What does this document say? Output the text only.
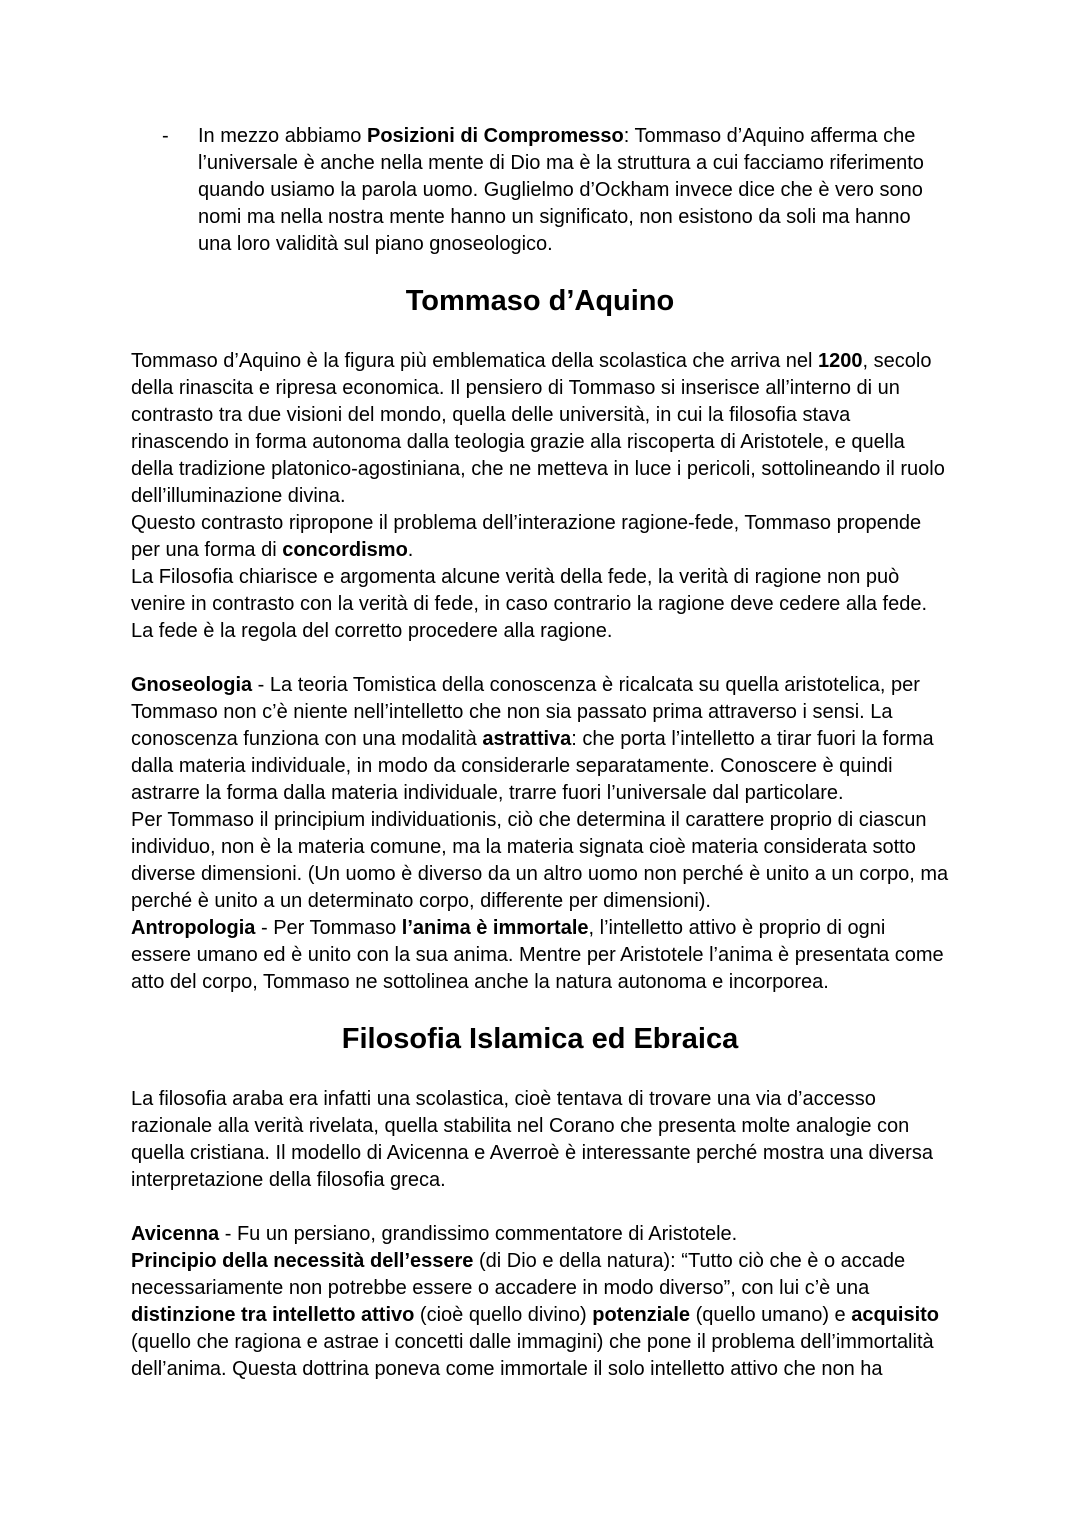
- In mezzo abbiamo Posizioni di Compromesso: Tommaso d’Aquino afferma che l’universale è anche nella mente di Dio ma è la struttura a cui facciamo riferimento quando usiamo la parola uomo. Guglielmo d’Ockham invece dice che è vero sono nomi ma nella nostra mente hanno un significato, non esistono da soli ma hanno una loro validità sul piano gnoseologico.

Tommaso d’Aquino

Tommaso d’Aquino è la figura più emblematica della scolastica che arriva nel 1200, secolo della rinascita e ripresa economica. Il pensiero di Tommaso si inserisce all’interno di un contrasto tra due visioni del mondo, quella delle università, in cui la filosofia stava rinascendo in forma autonoma dalla teologia grazie alla riscoperta di Aristotele, e quella della tradizione platonico-agostiniana, che ne metteva in luce i pericoli, sottolineando il ruolo dell’illuminazione divina.

Questo contrasto ripropone il problema dell’interazione ragione-fede, Tommaso propende per una forma di concordismo.

La Filosofia chiarisce e argomenta alcune verità della fede, la verità di ragione non può venire in contrasto con la verità di fede, in caso contrario la ragione deve cedere alla fede. La fede è la regola del corretto procedere alla ragione.

Gnoseologia - La teoria Tomistica della conoscenza è ricalcata su quella aristotelica, per Tommaso non c’è niente nell’intelletto che non sia passato prima attraverso i sensi. La conoscenza funziona con una modalità astrattiva: che porta l’intelletto a tirar fuori la forma dalla materia individuale, in modo da considerarle separatamente. Conoscere è quindi astrarre la forma dalla materia individuale, trarre fuori l’universale dal particolare.

Per Tommaso il principium individuationis, ciò che determina il carattere proprio di ciascun individuo, non è la materia comune, ma la materia signata cioè materia considerata sotto diverse dimensioni. (Un uomo è diverso da un altro uomo non perché è unito a un corpo, ma perché è unito a un determinato corpo, differente per dimensioni).

Antropologia - Per Tommaso l’anima è immortale, l’intelletto attivo è proprio di ogni essere umano ed è unito con la sua anima. Mentre per Aristotele l’anima è presentata come atto del corpo, Tommaso ne sottolinea anche la natura autonoma e incorporea.

Filosofia Islamica ed Ebraica

La filosofia araba era infatti una scolastica, cioè tentava di trovare una via d’accesso razionale alla verità rivelata, quella stabilita nel Corano che presenta molte analogie con quella cristiana. Il modello di Avicenna e Averroè è interessante perché mostra una diversa interpretazione della filosofia greca.

Avicenna - Fu un persiano, grandissimo commentatore di Aristotele.

Principio della necessità dell’essere (di Dio e della natura): “Tutto ciò che è o accade necessariamente non potrebbe essere o accadere in modo diverso”, con lui c’è una distinzione tra intelletto attivo (cioè quello divino) potenziale (quello umano) e acquisito (quello che ragiona e astrae i concetti dalle immagini) che pone il problema dell’immortalità dell’anima. Questa dottrina poneva come immortale il solo intelletto attivo che non ha
